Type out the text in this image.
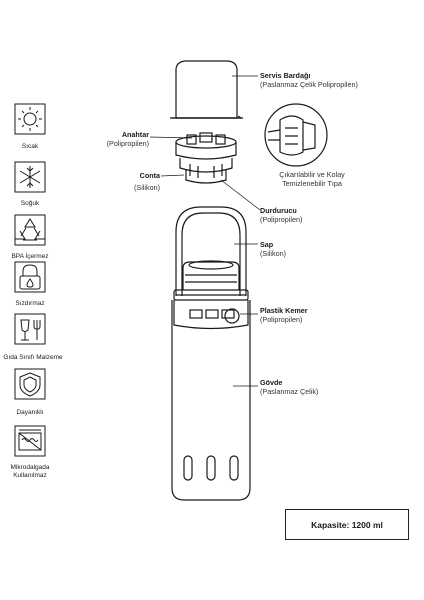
Sıcak
Soğuk
BPA İçermez
Sızdırmaz
Gıda Sınıfı Malzeme
Dayanıklı
Mikrodalgada
Kullanılmaz
Servis Bardağı
(Paslanmaz Çelik Polipropilen)
Anahtar
(Polipropilen)
Conta
(Silikon)
Çıkarılabilir ve Kolay
Temizlenebilir Tıpa
Durdurucu
(Polipropilen)
Sap
(Silikon)
Plastik Kemer
(Polipropilen)
Gövde
(Paslanmaz Çelik)
Kapasite: 1200 ml
